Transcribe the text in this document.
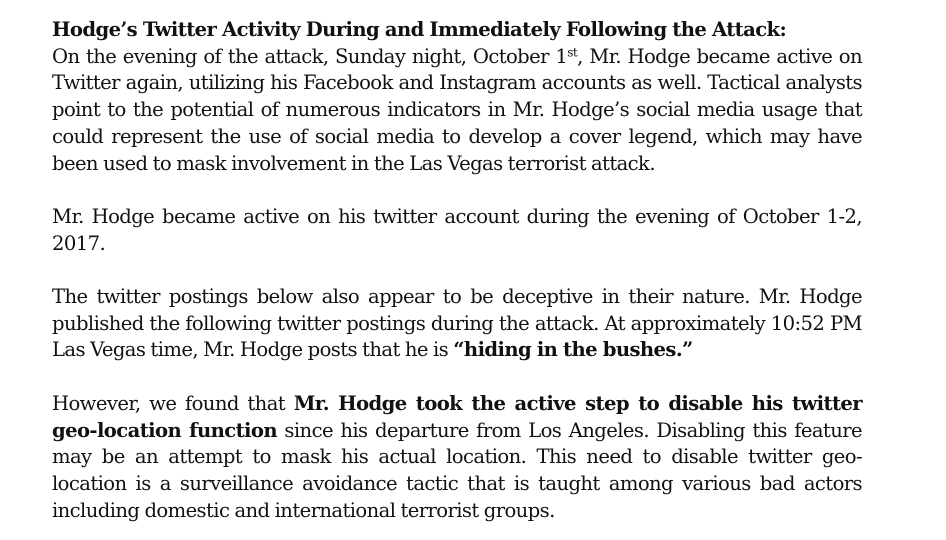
Hodge’s Twitter Activity During and Immediately Following the Attack:
On the evening of the attack, Sunday night, October 1st, Mr. Hodge became active on Twitter again, utilizing his Facebook and Instagram accounts as well. Tactical analysts point to the potential of numerous indicators in Mr. Hodge’s social media usage that could represent the use of social media to develop a cover legend, which may have been used to mask involvement in the Las Vegas terrorist attack.

Mr. Hodge became active on his twitter account during the evening of October 1-2, 2017.

The twitter postings below also appear to be deceptive in their nature. Mr. Hodge published the following twitter postings during the attack. At approximately 10:52 PM Las Vegas time, Mr. Hodge posts that he is “hiding in the bushes.”

However, we found that Mr. Hodge took the active step to disable his twitter geo-location function since his departure from Los Angeles. Disabling this feature may be an attempt to mask his actual location. This need to disable twitter geo-location is a surveillance avoidance tactic that is taught among various bad actors including domestic and international terrorist groups.
